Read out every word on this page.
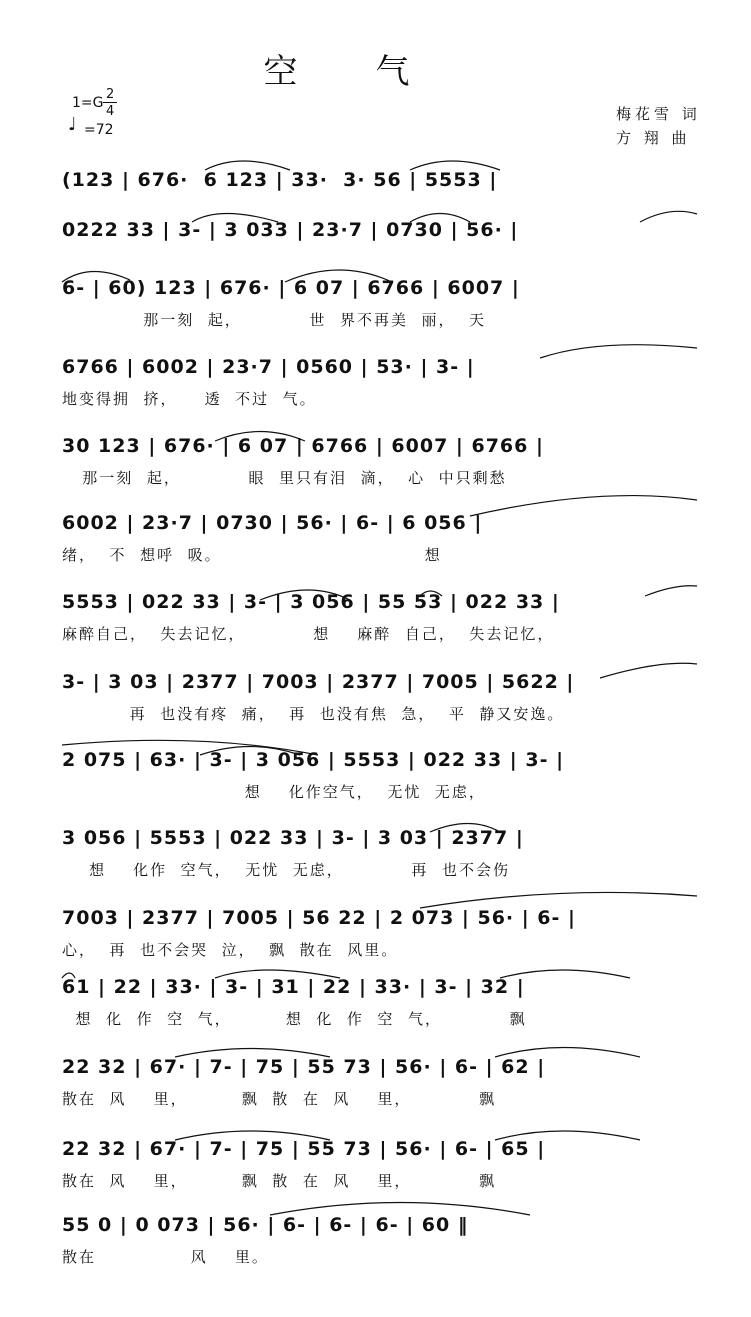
空气
1=G
2
4
♩ =72
梅花雪 词
方 翔 曲
(123 | 676·  6 123 | 33·  3· 56 | 5553 |
0222 33 | 3- | 3 033 | 23·7 | 0730 | 56· |
6- | 60) 123 | 676· | 6 07 | 6766 | 6007 |
那一刻  起，          世  界不再美  丽，  天
6766 | 6002 | 23·7 | 0560 | 53· | 3- |
地变得拥  挤，    透  不过  气。
30 123 | 676· | 6 07 | 6766 | 6007 | 6766 |
那一刻  起，          眼  里只有泪  滴，  心  中只剩愁
6002 | 23·7 | 0730 | 56· | 6- | 6 056 |
绪，  不  想呼  吸。                              想
5553 | 022 33 | 3- | 3 056 | 55 53 | 022 33 |
麻醉自己，  失去记忆，          想    麻醉  自己，  失去记忆，
3- | 3 03 | 2377 | 7003 | 2377 | 7005 | 5622 |
再  也没有疼  痛，  再  也没有焦  急，  平  静又安逸。
2 075 | 63· | 3- | 3 056 | 5553 | 022 33 | 3- |
想    化作空气，  无忧  无虑，
3 056 | 5553 | 022 33 | 3- | 3 03 | 2377 |
想    化作  空气，  无忧  无虑，          再  也不会伤
7003 | 2377 | 7005 | 56 22 | 2 073 | 56· | 6- |
心，  再  也不会哭  泣，  飘  散在  风里。
61 | 22 | 33· | 3- | 31 | 22 | 33· | 3- | 32 |
想  化  作  空  气，        想  化  作  空  气，          飘
22 32 | 67· | 7- | 75 | 55 73 | 56· | 6- | 62 |
散在  风    里，        飘  散  在  风    里，          飘
22 32 | 67· | 7- | 75 | 55 73 | 56· | 6- | 65 |
散在  风    里，        飘  散  在  风    里，          飘
55 0 | 0 073 | 56· | 6- | 6- | 6- | 60 ‖
散在              风    里。
